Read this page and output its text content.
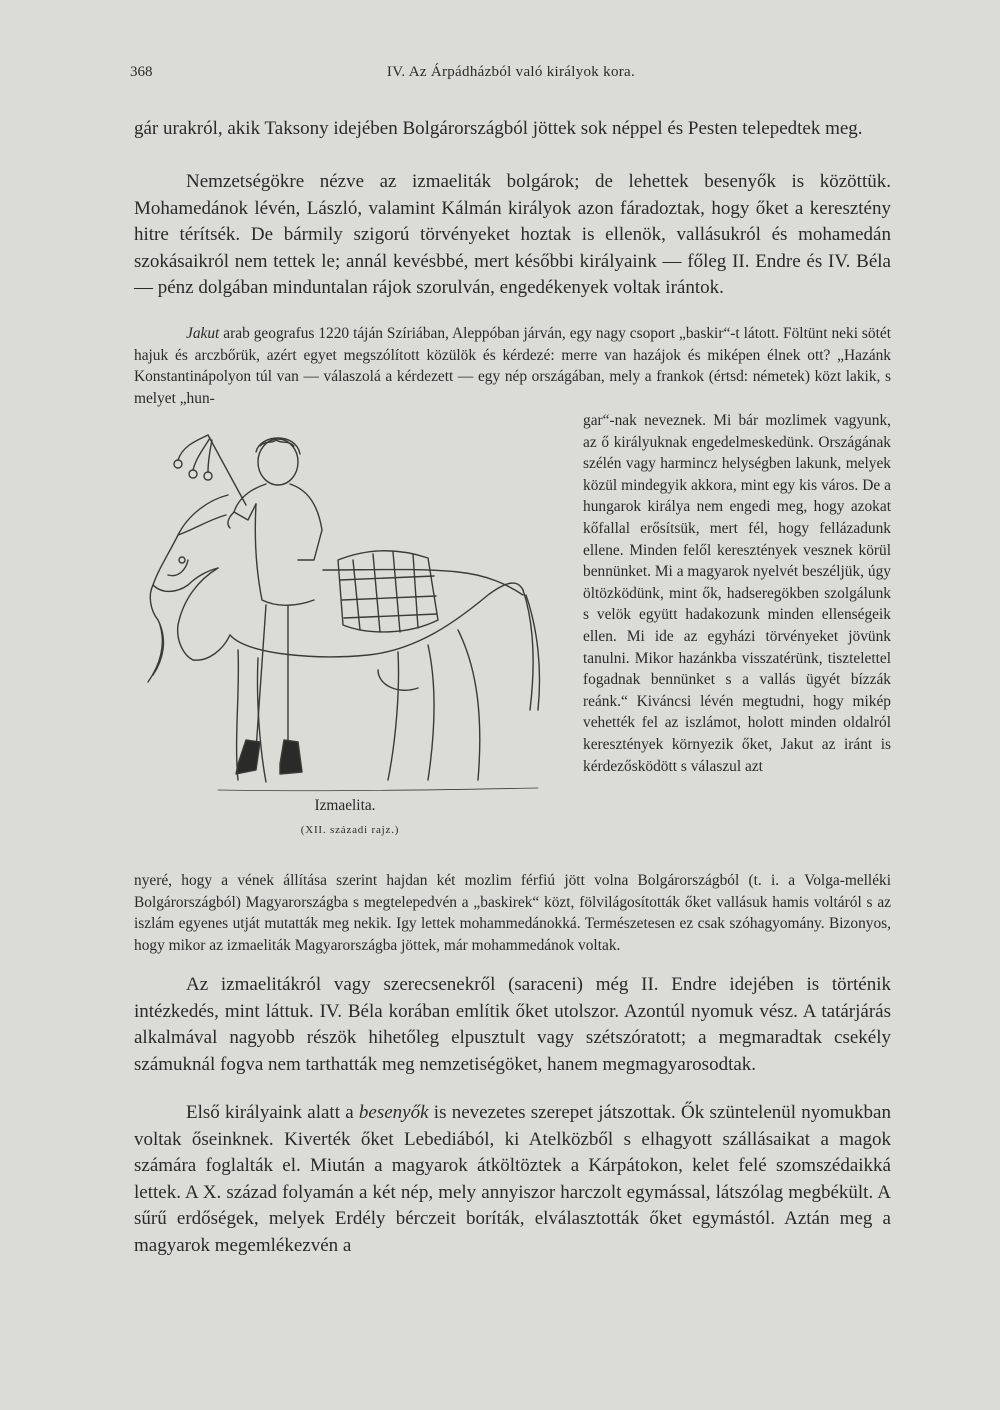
368	IV. Az Árpádházból való királyok kora.

gár urakról, akik Taksony idejében Bolgárországból jöttek sok néppel és Pesten telepedtek meg.

Nemzetségökre nézve az izmaeliták bolgárok; de lehettek besenyők is közöttük. Mohamedánok lévén, László, valamint Kálmán királyok azon fáradoztak, hogy őket a keresztény hitre térítsék. De bármily szigorú törvényeket hoztak is ellenök, vallásukról és mohamedán szokásaikról nem tettek le; annál kevésbbé, mert későbbi királyaink — főleg II. Endre és IV. Béla — pénz dolgában minduntalan rájok szorulván, engedékenyek voltak irántok.

Jakut arab geografus 1220 táján Szíriában, Aleppóban járván, egy nagy csoport „baskir“-t látott. Föltünt neki sötét hajuk és arczbőrük, azért egyet megszólított közülök és kérdezé: merre van hazájok és miképen élnek ott? „Hazánk Konstantinápolyon túl van — válaszolá a kérdezett — egy nép országában, mely a frankok (értsd: németek) közt lakik, s melyet „hun-

gar“-nak neveznek. Mi bár mozlimek vagyunk, az ő királyuknak engedelmeskedünk. Országának szélén vagy harmincz helységben lakunk, melyek közül mindegyik akkora, mint egy kis város. De a hungarok királya nem engedi meg, hogy azokat kőfallal erősítsük, mert fél, hogy fellázadunk ellene. Minden felől keresztények vesznek körül bennünket. Mi a magyarok nyelvét beszéljük, úgy öltözködünk, mint ők, hadseregökben szolgálunk s velök együtt hadakozunk minden ellenségeik ellen. Mi ide az egyházi törvényeket jövünk tanulni. Mikor hazánkba visszatérünk, tisztelettel fogadnak bennünket s a vallás ügyét bízzák reánk.“ Kiváncsi lévén megtudni, hogy mikép vehették fel az iszlámot, holott minden oldalról keresztények környezik őket, Jakut az iránt is kérdezősködött s válaszul azt

Izmaelita.
(XII. századi rajz.)

nyeré, hogy a vének állítása szerint hajdan két mozlim férfiú jött volna Bolgárországból (t. i. a Volga-melléki Bolgárországból) Magyarországba s megtelepedvén a „baskirek“ közt, fölvilágosították őket vallásuk hamis voltáról s az iszlám egyenes utját mutatták meg nekik. Igy lettek mohammedánokká. Természetesen ez csak szóhagyomány. Bizonyos, hogy mikor az izmaeliták Magyarországba jöttek, már mohammedánok voltak.

Az izmaelitákról vagy szerecsenekről (saraceni) még II. Endre idejében is történik intézkedés, mint láttuk. IV. Béla korában említik őket utolszor. Azontúl nyomuk vész. A tatárjárás alkalmával nagyobb részök hihetőleg elpusztult vagy szétszóratott; a megmaradtak csekély számuknál fogva nem tarthatták meg nemzetiségöket, hanem megmagyarosodtak.

Első királyaink alatt a besenyők is nevezetes szerepet játszottak. Ők szüntelenül nyomukban voltak őseinknek. Kiverték őket Lebediából, ki Atelközből s elhagyott szállásaikat a magok számára foglalták el. Miután a magyarok átköltöztek a Kárpátokon, kelet felé szomszédaikká lettek. A X. század folyamán a két nép, mely annyiszor harczolt egymással, látszólag megbékült. A sűrű erdőségek, melyek Erdély bérczeit boríták, elválasztották őket egymástól. Aztán meg a magyarok megemlékezvén a
